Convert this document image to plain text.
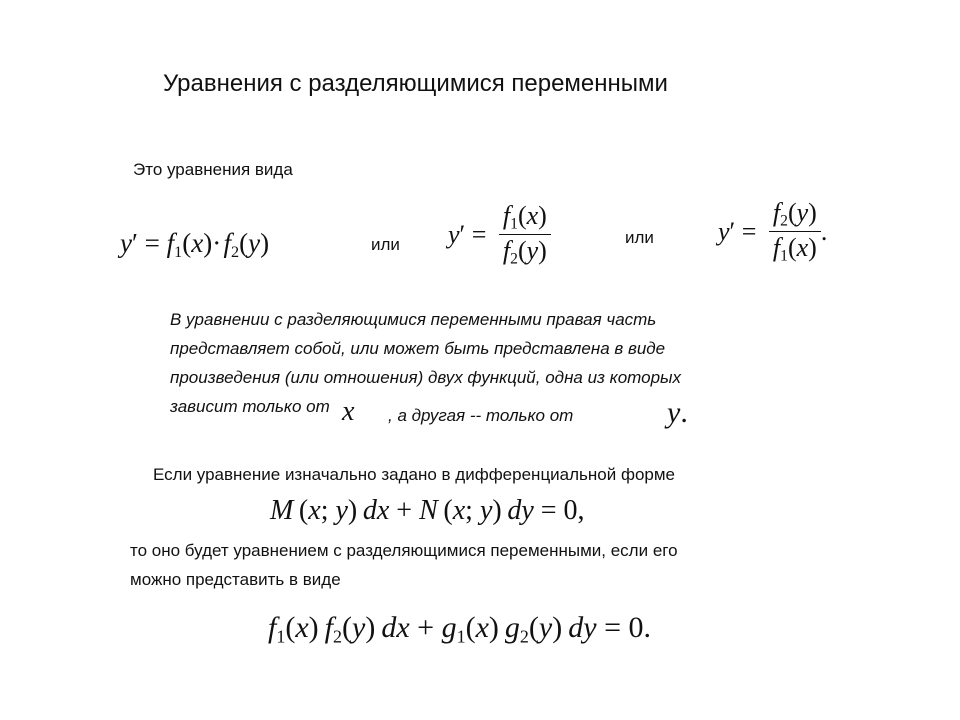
Уравнения с разделяющимися переменными
Это уравнения вида
$y' = f_1(x)\cdot$ $f_2(y)$	или $y' = \frac{f_1(x)}{f_2(y)}$	или $y' = \frac{f_2(y)}{f_1(x)}$ .
В уравнении с разделяющимися переменными правая часть
представляет собой, или может быть представлена в виде
произведения (или отношения) двух функций, одна из которых
зависит только от x , а другая -- только от	y.
Если уравнение изначально задано в дифференциальной форме
M (x; y) dx + N (x; y) dy = 0,
то оно будет уравнением с разделяющимися переменными, если его
можно представить в виде
$f_1(x)$ $f_2(y)$ dx + $g_1(x)$ $g_2(y)$ dy = 0.
